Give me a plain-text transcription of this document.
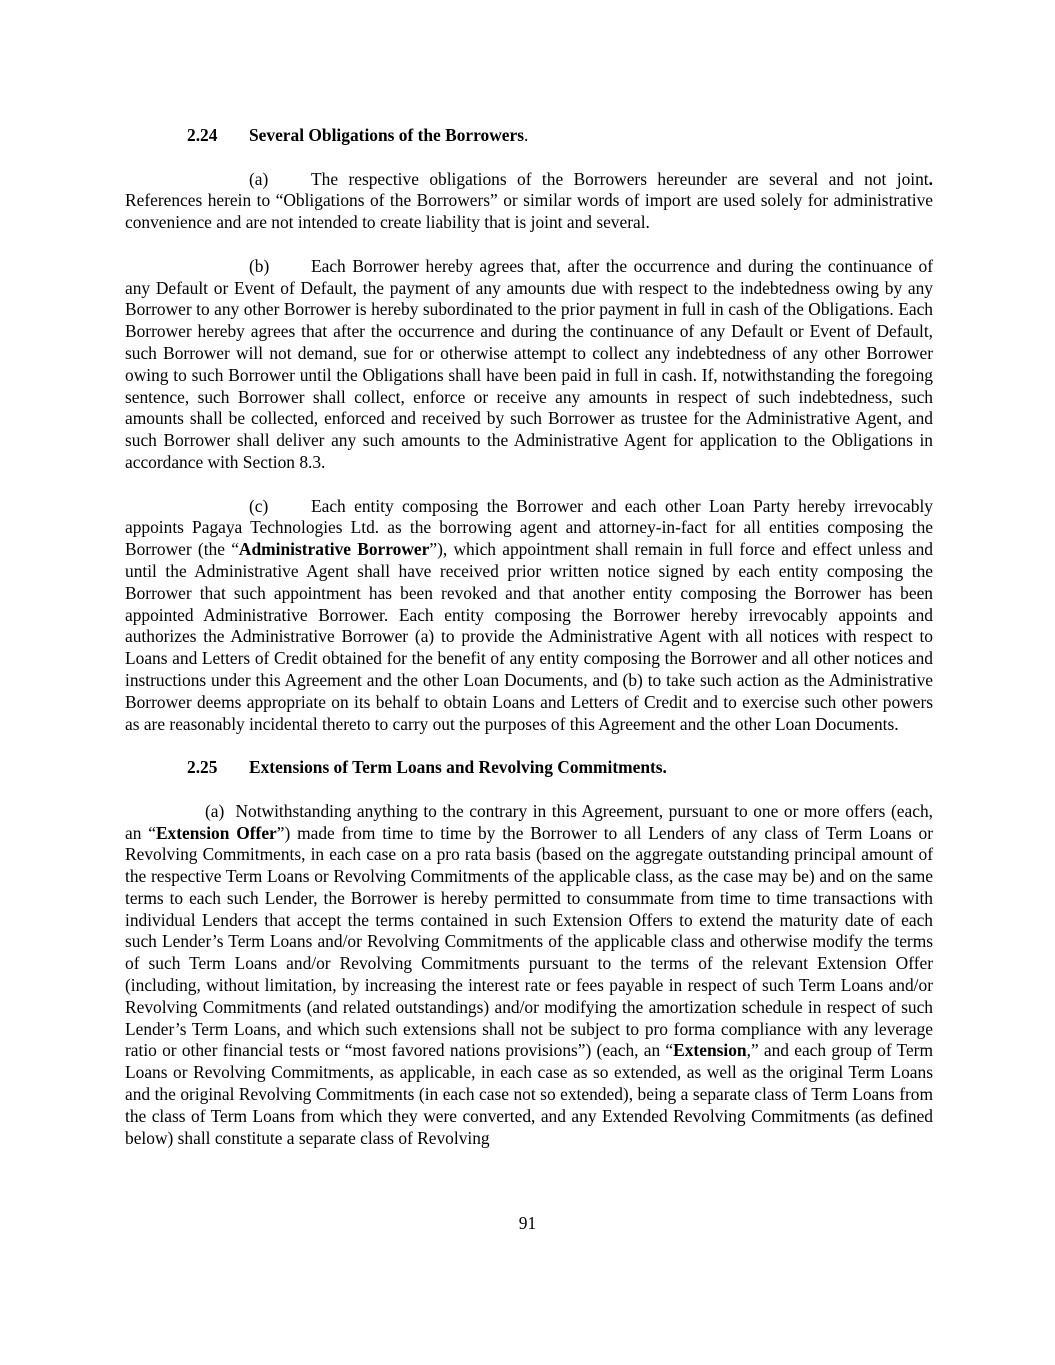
2.24 Several Obligations of the Borrowers.

(a) The respective obligations of the Borrowers hereunder are several and not joint. References herein to “Obligations of the Borrowers” or similar words of import are used solely for administrative convenience and are not intended to create liability that is joint and several.

(b) Each Borrower hereby agrees that, after the occurrence and during the continuance of any Default or Event of Default, the payment of any amounts due with respect to the indebtedness owing by any Borrower to any other Borrower is hereby subordinated to the prior payment in full in cash of the Obligations. Each Borrower hereby agrees that after the occurrence and during the continuance of any Default or Event of Default, such Borrower will not demand, sue for or otherwise attempt to collect any indebtedness of any other Borrower owing to such Borrower until the Obligations shall have been paid in full in cash. If, notwithstanding the foregoing sentence, such Borrower shall collect, enforce or receive any amounts in respect of such indebtedness, such amounts shall be collected, enforced and received by such Borrower as trustee for the Administrative Agent, and such Borrower shall deliver any such amounts to the Administrative Agent for application to the Obligations in accordance with Section 8.3.

(c) Each entity composing the Borrower and each other Loan Party hereby irrevocably appoints Pagaya Technologies Ltd. as the borrowing agent and attorney-in-fact for all entities composing the Borrower (the “Administrative Borrower”), which appointment shall remain in full force and effect unless and until the Administrative Agent shall have received prior written notice signed by each entity composing the Borrower that such appointment has been revoked and that another entity composing the Borrower has been appointed Administrative Borrower. Each entity composing the Borrower hereby irrevocably appoints and authorizes the Administrative Borrower (a) to provide the Administrative Agent with all notices with respect to Loans and Letters of Credit obtained for the benefit of any entity composing the Borrower and all other notices and instructions under this Agreement and the other Loan Documents, and (b) to take such action as the Administrative Borrower deems appropriate on its behalf to obtain Loans and Letters of Credit and to exercise such other powers as are reasonably incidental thereto to carry out the purposes of this Agreement and the other Loan Documents.

2.25 Extensions of Term Loans and Revolving Commitments.

(a) Notwithstanding anything to the contrary in this Agreement, pursuant to one or more offers (each, an “Extension Offer”) made from time to time by the Borrower to all Lenders of any class of Term Loans or Revolving Commitments, in each case on a pro rata basis (based on the aggregate outstanding principal amount of the respective Term Loans or Revolving Commitments of the applicable class, as the case may be) and on the same terms to each such Lender, the Borrower is hereby permitted to consummate from time to time transactions with individual Lenders that accept the terms contained in such Extension Offers to extend the maturity date of each such Lender’s Term Loans and/or Revolving Commitments of the applicable class and otherwise modify the terms of such Term Loans and/or Revolving Commitments pursuant to the terms of the relevant Extension Offer (including, without limitation, by increasing the interest rate or fees payable in respect of such Term Loans and/or Revolving Commitments (and related outstandings) and/or modifying the amortization schedule in respect of such Lender’s Term Loans, and which such extensions shall not be subject to pro forma compliance with any leverage ratio or other financial tests or “most favored nations provisions”) (each, an “Extension,” and each group of Term Loans or Revolving Commitments, as applicable, in each case as so extended, as well as the original Term Loans and the original Revolving Commitments (in each case not so extended), being a separate class of Term Loans from the class of Term Loans from which they were converted, and any Extended Revolving Commitments (as defined below) shall constitute a separate class of Revolving

91
